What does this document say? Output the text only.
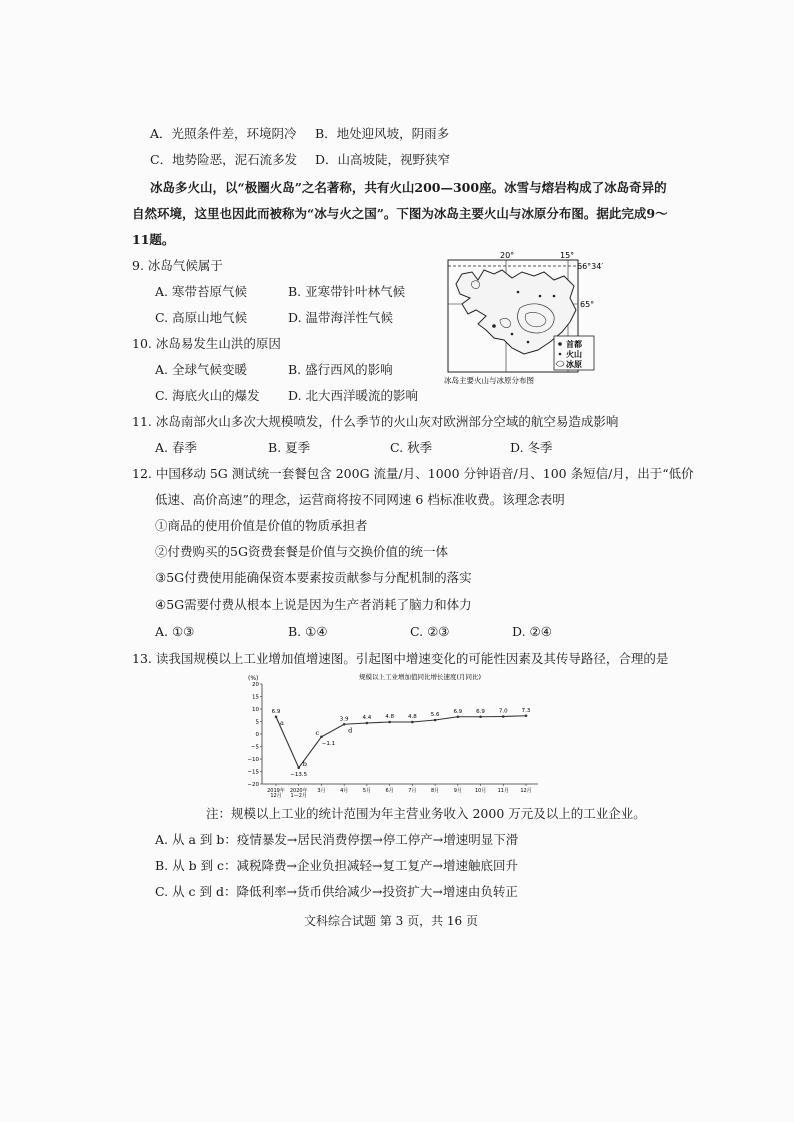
A．光照条件差，环境阴冷 B．地处迎风坡，阴雨多
C．地势险恶，泥石流多发 D．山高坡陡，视野狭窄
冰岛多火山，以“极圈火岛”之名著称，共有火山200—300座。冰雪与熔岩构成了冰岛奇异的
自然环境，这里也因此而被称为“冰与火之国”。下图为冰岛主要火山与冰原分布图。据此完成9～
11题。
9. 冰岛气候属于
A. 寒带苔原气候	B. 亚寒带针叶林气候
C. 高原山地气候	D. 温带海洋性气候
10. 冰岛易发生山洪的原因
A. 全球气候变暖	B. 盛行西风的影响
C. 海底火山的爆发 D. 北大西洋暖流的影响
首都
火山
冰原
20°	15°
66°34′
65°
冰岛主要火山与冰原分布图
11. 冰岛南部火山多次大规模喷发，什么季节的火山灰对欧洲部分空域的航空易造成影响
A. 春季	B. 夏季	C. 秋季	D. 冬季
12. 中国移动 5G 测试统一套餐包含 200G 流量/月、1000 分钟语音/月、100 条短信/月，出于“低价
低速、高价高速”的理念，运营商将按不同网速 6 档标准收费。该理念表明
①商品的使用价值是价值的物质承担者
②付费购买的5G资费套餐是价值与交换价值的统一体
③5G付费使用能确保资本要素按贡献参与分配机制的落实
④5G需要付费从根本上说是因为生产者消耗了脑力和体力
A. ①③	B. ①④	C. ②③	D. ②④
13. 读我国规模以上工业增加值增速图。引起图中增速变化的可能性因素及其传导路径，合理的是
规模以上工业增加值同比增长速度(月同比)
(%)
20
15
10
5
0
−5
−10
−15
−20
2019年
12月
2020年
1—2月
3月	4月	5月	6月	7月	8月	9月	10月 11月 12月
6.9
−13.5
−1.1
3.9	4.4	4.8	4.8	5.6
6.9	6.9	7.0	7.3
a
b
c	d
注：规模以上工业的统计范围为年主营业务收入 2000 万元及以上的工业企业。
A. 从 a 到 b：疫情暴发→居民消费停摆→停工停产→增速明显下滑
B. 从 b 到 c：减税降费→企业负担减轻→复工复产→增速触底回升
C. 从 c 到 d：降低利率→货币供给减少→投资扩大→增速由负转正
文科综合试题 第 3 页，共 16 页
